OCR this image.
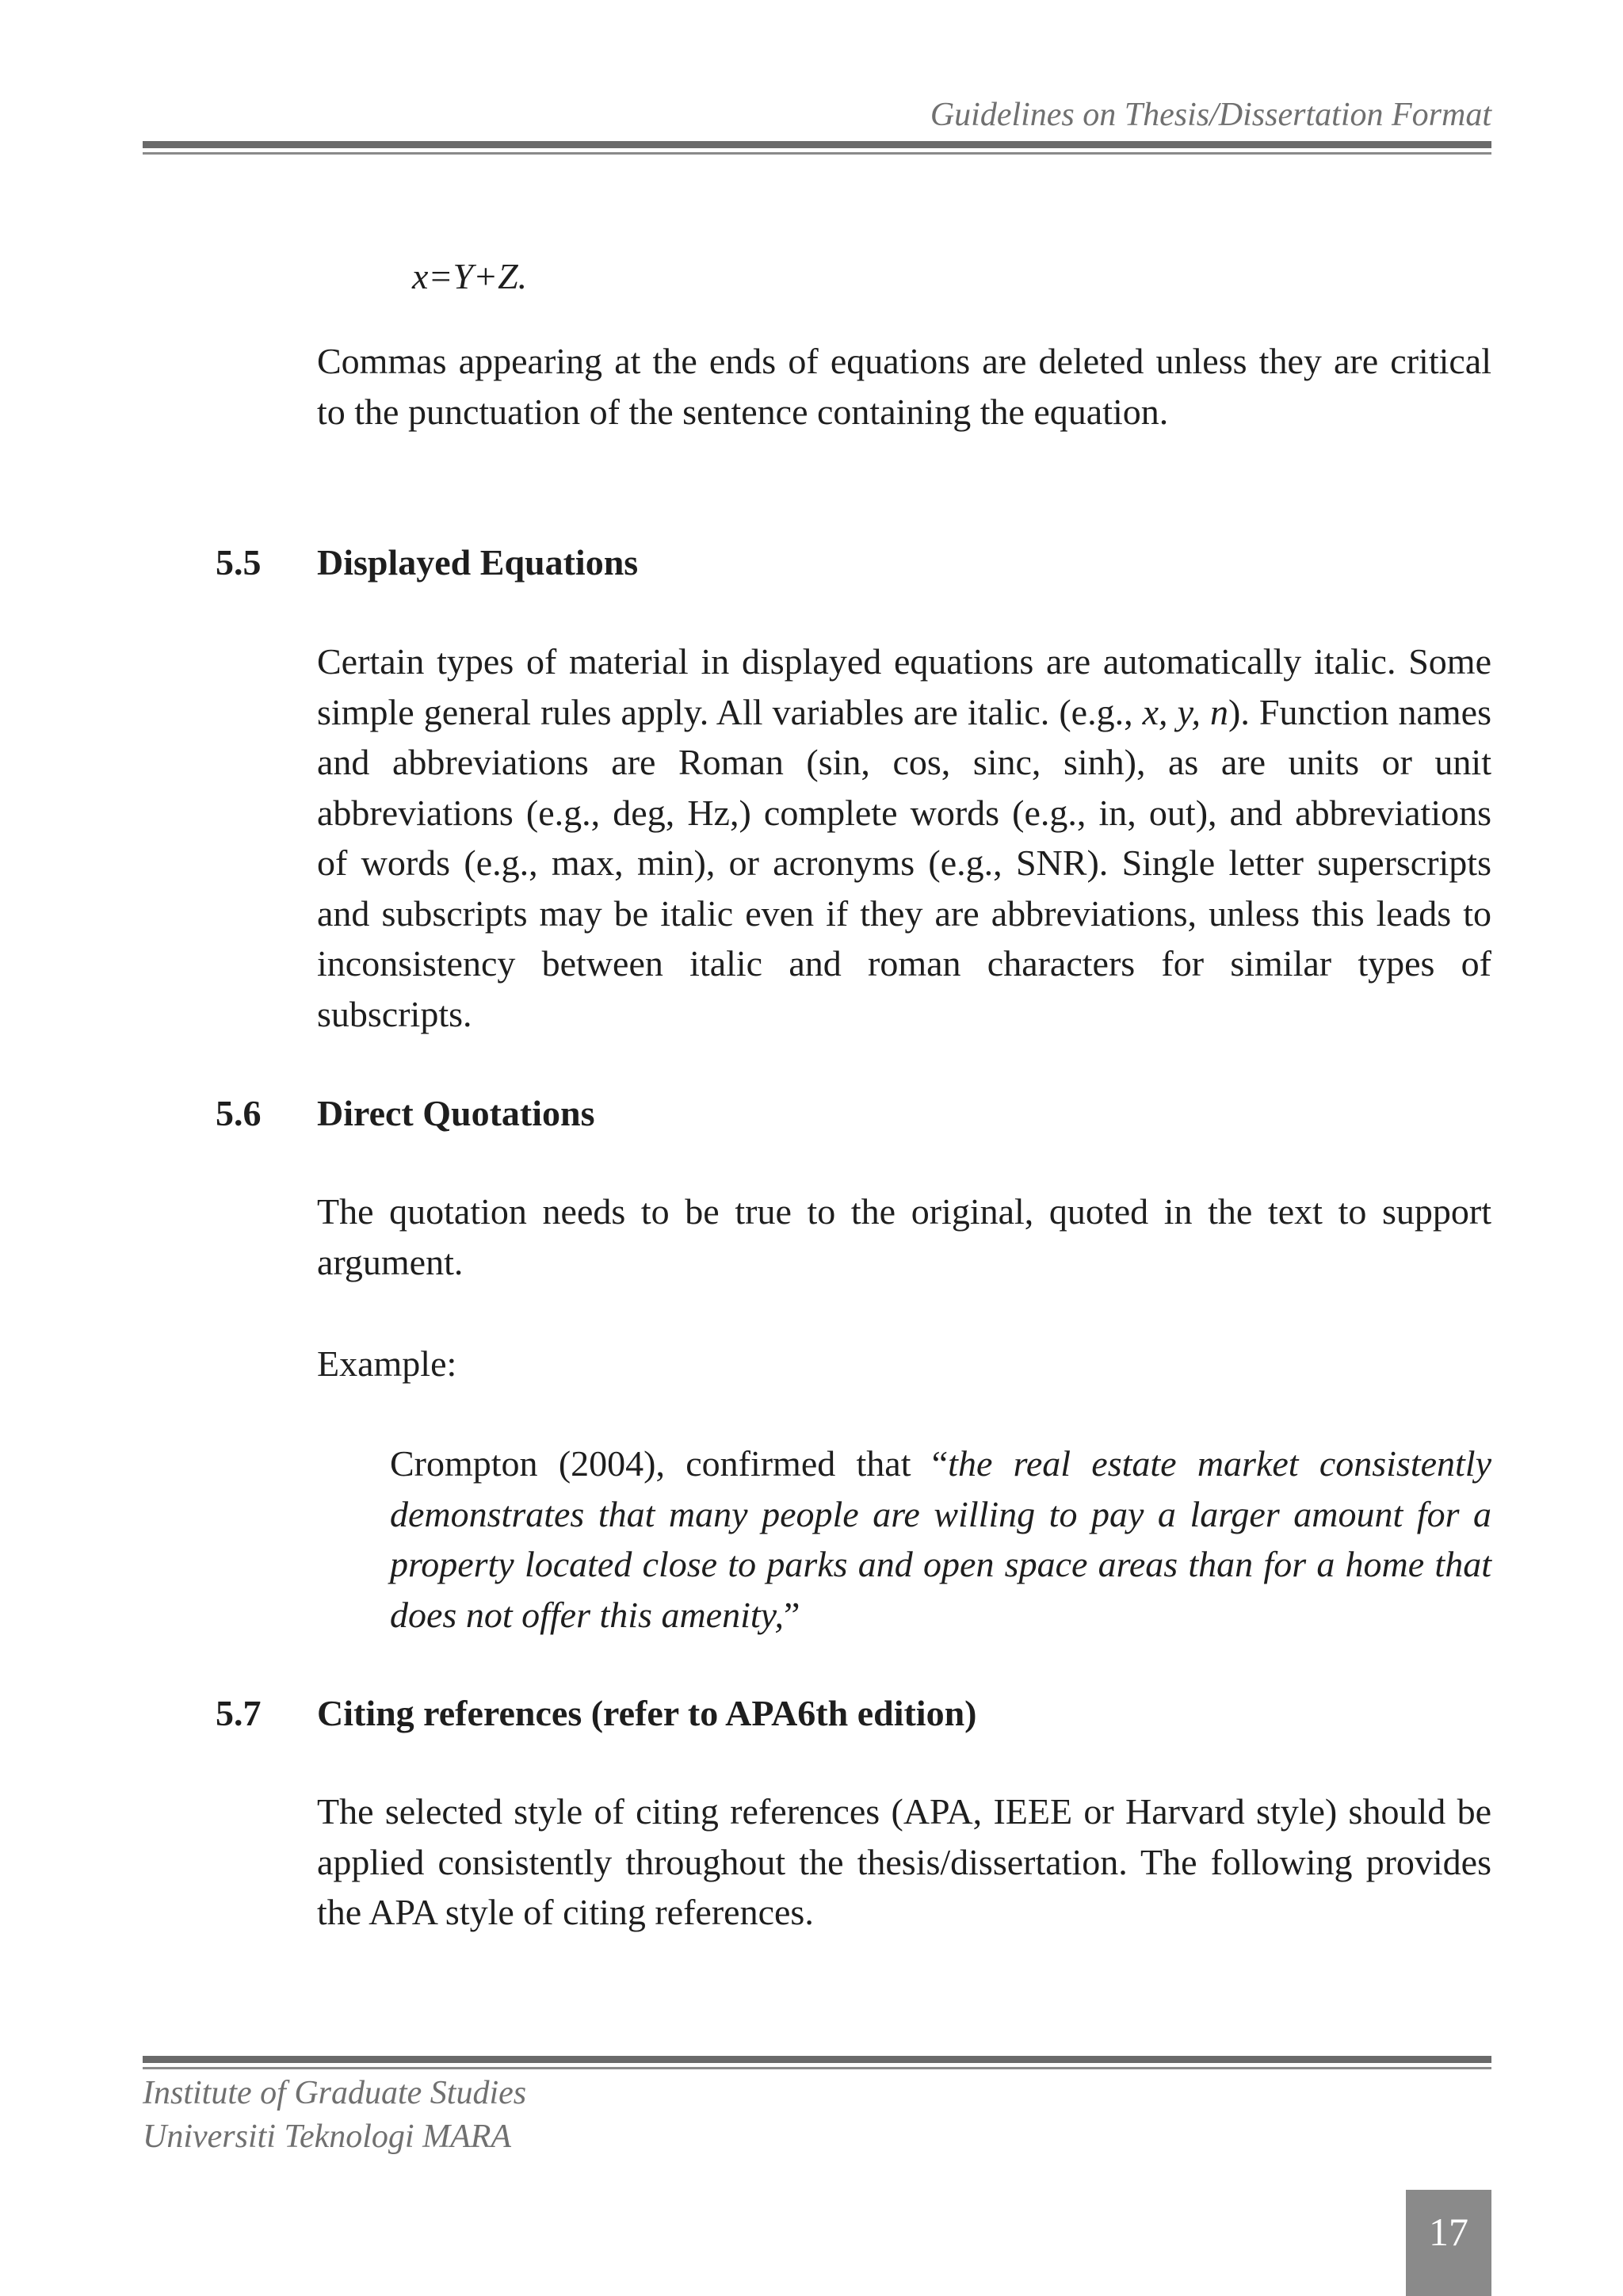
Guidelines on Thesis/Dissertation Format
x=Y+Z.

Commas appearing at the ends of equations are deleted unless they are critical to the punctuation of the sentence containing the equation.

5.5 Displayed Equations

Certain types of material in displayed equations are automatically italic. Some simple general rules apply. All variables are italic. (e.g., x, y, n). Function names and abbreviations are Roman (sin, cos, sinc, sinh), as are units or unit abbreviations (e.g., deg, Hz,) complete words (e.g., in, out), and abbreviations of words (e.g., max, min), or acronyms (e.g., SNR). Single letter superscripts and subscripts may be italic even if they are abbreviations, unless this leads to inconsistency between italic and roman characters for similar types of subscripts.

5.6 Direct Quotations

The quotation needs to be true to the original, quoted in the text to support argument.

Example:

Crompton (2004), confirmed that “the real estate market consistently demonstrates that many people are willing to pay a larger amount for a property located close to parks and open space areas than for a home that does not offer this amenity,”

5.7 Citing references (refer to APA6th edition)

The selected style of citing references (APA, IEEE or Harvard style) should be applied consistently throughout the thesis/dissertation. The following provides the APA style of citing references.

Institute of Graduate Studies
Universiti Teknologi MARA
17
